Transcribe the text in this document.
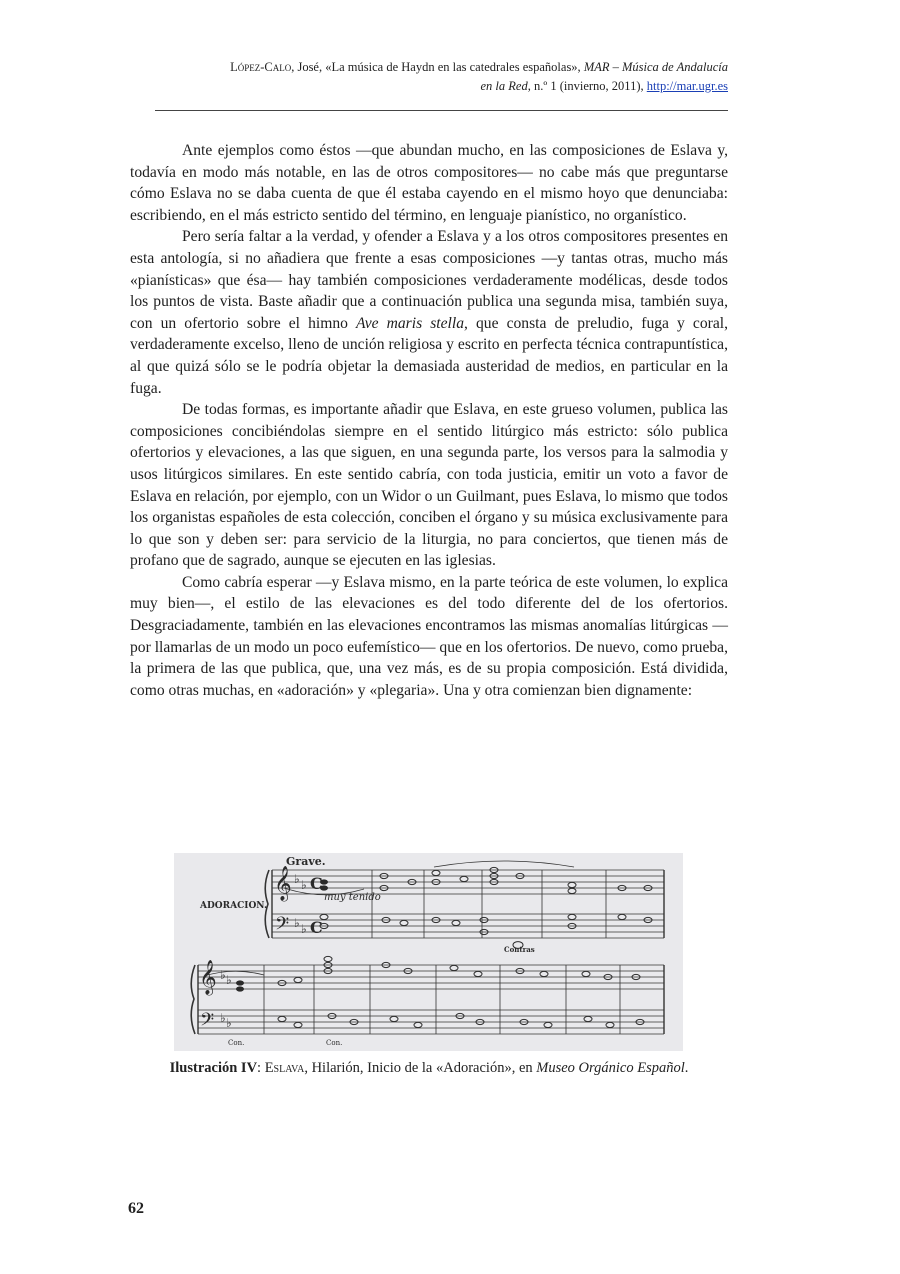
López-Calo, José, «La música de Haydn en las catedrales españolas», MAR – Música de Andalucía
en la Red, n.º 1 (invierno, 2011), http://mar.ugr.es

Ante ejemplos como éstos —que abundan mucho, en las composiciones de Eslava y, todavía en modo más notable, en las de otros compositores— no cabe más que preguntarse cómo Eslava no se daba cuenta de que él estaba cayendo en el mismo hoyo que denunciaba: escribiendo, en el más estricto sentido del término, en lenguaje pianístico, no organístico.

Pero sería faltar a la verdad, y ofender a Eslava y a los otros compositores presentes en esta antología, si no añadiera que frente a esas composiciones —y tantas otras, mucho más «pianísticas» que ésa— hay también composiciones verdaderamente modélicas, desde todos los puntos de vista. Baste añadir que a continuación publica una segunda misa, también suya, con un ofertorio sobre el himno Ave maris stella, que consta de preludio, fuga y coral, verdaderamente excelso, lleno de unción religiosa y escrito en perfecta técnica contrapuntística, al que quizá sólo se le podría objetar la demasiada austeridad de medios, en particular en la fuga.

De todas formas, es importante añadir que Eslava, en este grueso volumen, publica las composiciones concibiéndolas siempre en el sentido litúrgico más estricto: sólo publica ofertorios y elevaciones, a las que siguen, en una segunda parte, los versos para la salmodia y usos litúrgicos similares. En este sentido cabría, con toda justicia, emitir un voto a favor de Eslava en relación, por ejemplo, con un Widor o un Guilmant, pues Eslava, lo mismo que todos los organistas españoles de esta colección, conciben el órgano y su música exclusivamente para lo que son y deben ser: para servicio de la liturgia, no para conciertos, que tienen más de profano que de sagrado, aunque se ejecuten en las iglesias.

Como cabría esperar —y Eslava mismo, en la parte teórica de este volumen, lo explica muy bien—, el estilo de las elevaciones es del todo diferente del de los ofertorios. Desgraciadamente, también en las elevaciones encontramos las mismas anomalías litúrgicas —por llamarlas de un modo un poco eufemístico— que en los ofertorios. De nuevo, como prueba, la primera de las que publica, que, una vez más, es de su propia composición. Está dividida, como otras muchas, en «adoración» y «plegaria». Una y otra comienzan bien dignamente:

𝄞
𝄢
𝄞
𝄢
♭ ♭
♭ ♭
C
C
♭ ♭
♭ ♭
Grave.
ADORACION.
muy tenido
Contras
Con.	Con.
Ilustración IV: Eslava, Hilarión, Inicio de la «Adoración», en Museo Orgánico Español.
62
